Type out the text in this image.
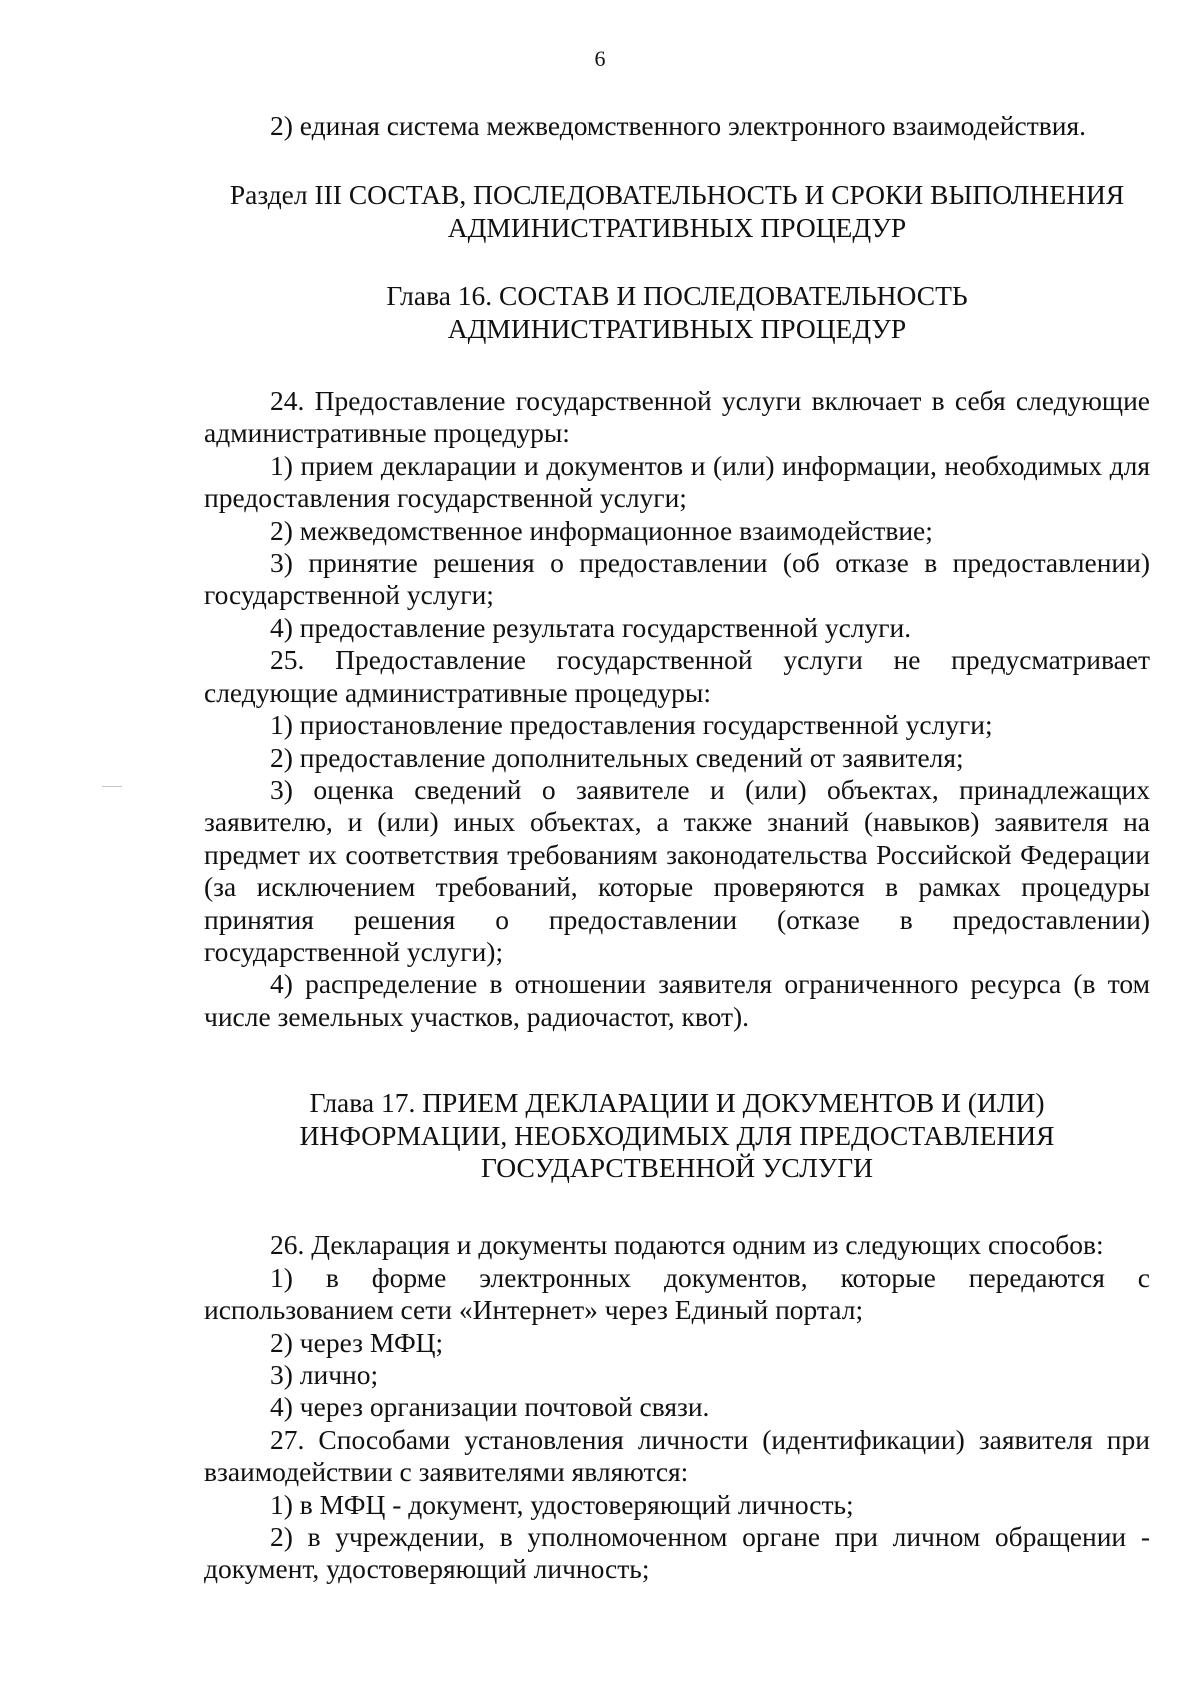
6

2) единая система межведомственного электронного взаимодействия.

Раздел III СОСТАВ, ПОСЛЕДОВАТЕЛЬНОСТЬ И СРОКИ ВЫПОЛНЕНИЯ
АДМИНИСТРАТИВНЫХ ПРОЦЕДУР
Глава 16. СОСТАВ И ПОСЛЕДОВАТЕЛЬНОСТЬ
АДМИНИСТРАТИВНЫХ ПРОЦЕДУР

24. Предоставление государственной услуги включает в себя следующие административные процедуры:

1) прием декларации и документов и (или) информации, необходимых для предоставления государственной услуги;

2) межведомственное информационное взаимодействие;

3) принятие решения о предоставлении (об отказе в предоставлении) государственной услуги;

4) предоставление результата государственной услуги.

25. Предоставление государственной услуги не предусматривает следующие административные процедуры:

1) приостановление предоставления государственной услуги;

2) предоставление дополнительных сведений от заявителя;

3) оценка сведений о заявителе и (или) объектах, принадлежащих заявителю, и (или) иных объектах, а также знаний (навыков) заявителя на предмет их соответствия требованиям законодательства Российской Федерации (за исключением требований, которые проверяются в рамках процедуры принятия решения о предоставлении (отказе в предоставлении) государственной услуги);

4) распределение в отношении заявителя ограниченного ресурса (в том числе земельных участков, радиочастот, квот).

Глава 17. ПРИЕМ ДЕКЛАРАЦИИ И ДОКУМЕНТОВ И (ИЛИ)
ИНФОРМАЦИИ, НЕОБХОДИМЫХ ДЛЯ ПРЕДОСТАВЛЕНИЯ
ГОСУДАРСТВЕННОЙ УСЛУГИ

26. Декларация и документы подаются одним из следующих способов:

1) в форме электронных документов, которые передаются с использованием сети «Интернет» через Единый портал;

2) через МФЦ;

3) лично;

4) через организации почтовой связи.

27. Способами установления личности (идентификации) заявителя при взаимодействии с заявителями являются:

1) в МФЦ - документ, удостоверяющий личность;

2) в учреждении, в уполномоченном органе при личном обращении - документ, удостоверяющий личность;
